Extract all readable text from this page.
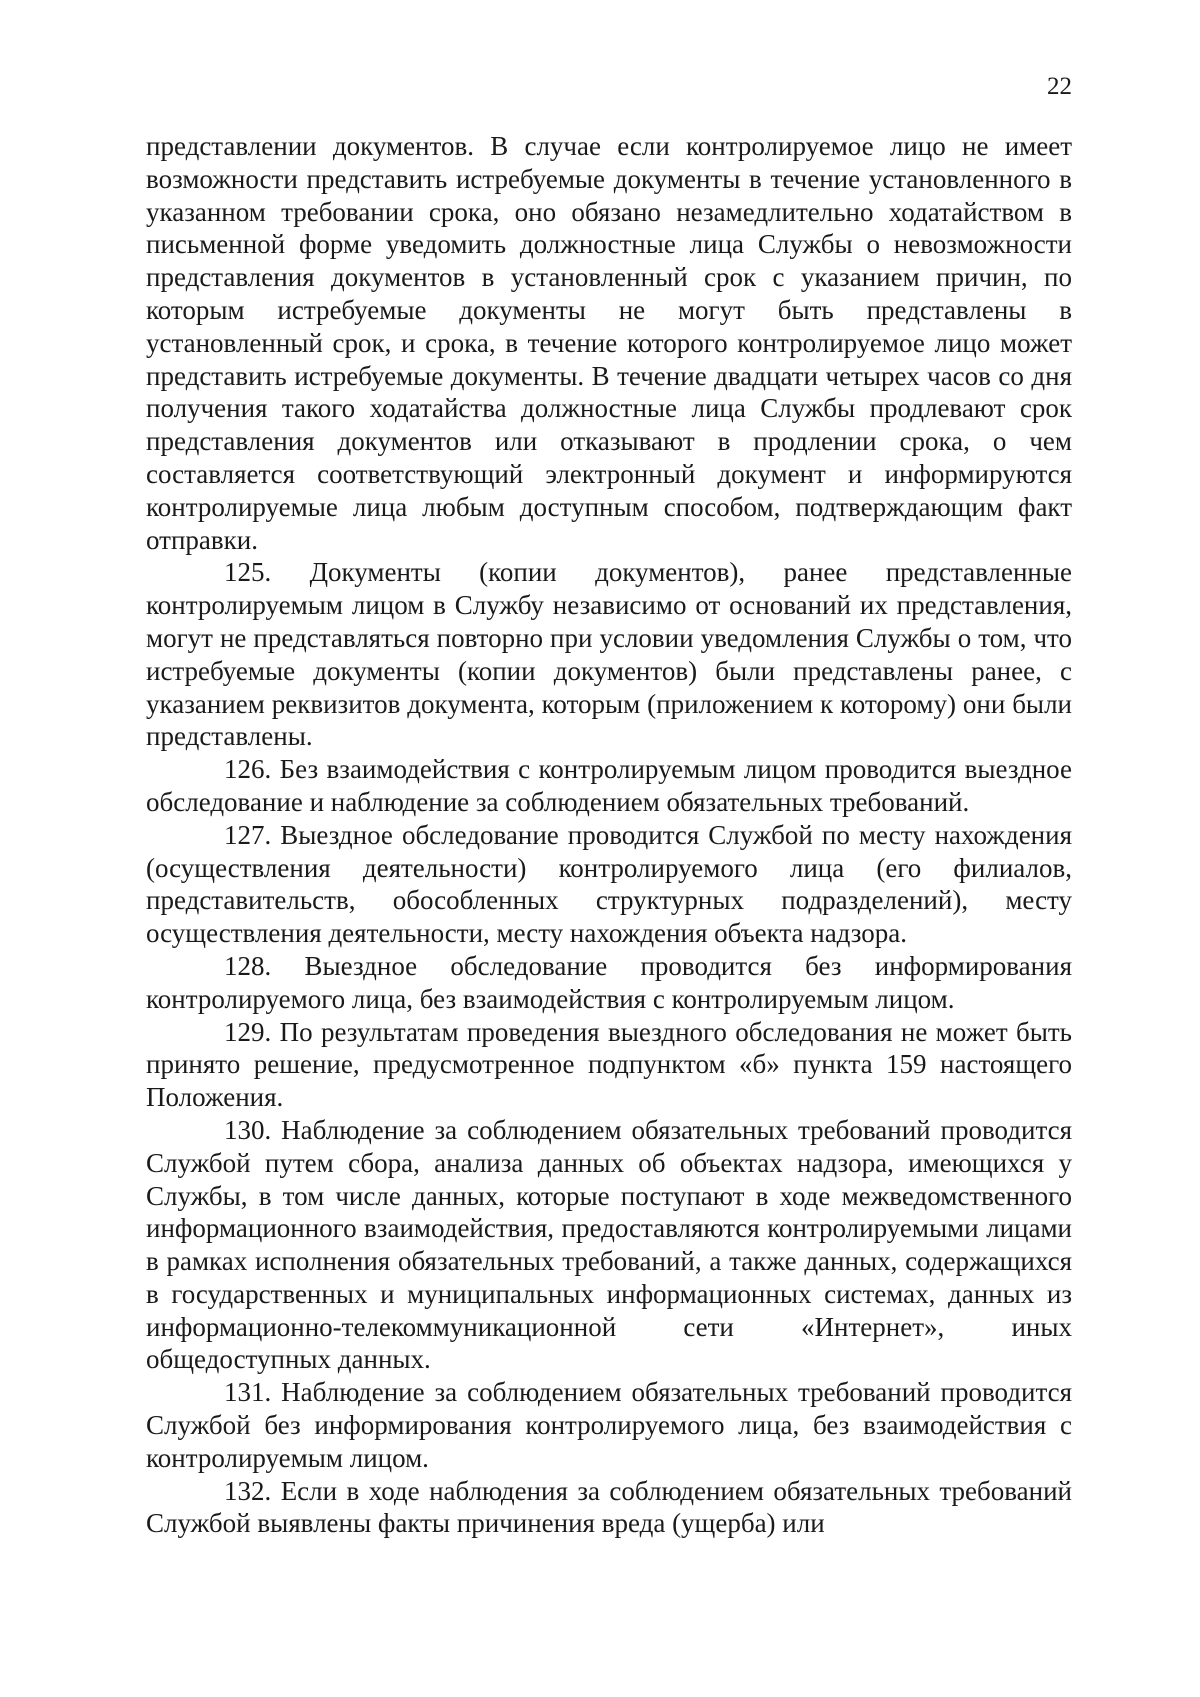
22

представлении документов. В случае если контролируемое лицо не имеет возможности представить истребуемые документы в течение установленного в указанном требовании срока, оно обязано незамедлительно ходатайством в письменной форме уведомить должностные лица Службы о невозможности представления документов в установленный срок с указанием причин, по которым истребуемые документы не могут быть представлены в установленный срок, и срока, в течение которого контролируемое лицо может представить истребуемые документы. В течение двадцати четырех часов со дня получения такого ходатайства должностные лица Службы продлевают срок представления документов или отказывают в продлении срока, о чем составляется соответствующий электронный документ и информируются контролируемые лица любым доступным способом, подтверждающим факт отправки.

125. Документы (копии документов), ранее представленные контролируемым лицом в Службу независимо от оснований их представления, могут не представляться повторно при условии уведомления Службы о том, что истребуемые документы (копии документов) были представлены ранее, с указанием реквизитов документа, которым (приложением к которому) они были представлены.

126. Без взаимодействия с контролируемым лицом проводится выездное обследование и наблюдение за соблюдением обязательных требований.

127. Выездное обследование проводится Службой по месту нахождения (осуществления деятельности) контролируемого лица (его филиалов, представительств, обособленных структурных подразделений), месту осуществления деятельности, месту нахождения объекта надзора.

128. Выездное обследование проводится без информирования контролируемого лица, без взаимодействия с контролируемым лицом.

129. По результатам проведения выездного обследования не может быть принято решение, предусмотренное подпунктом «б» пункта 159 настоящего Положения.

130. Наблюдение за соблюдением обязательных требований проводится Службой путем сбора, анализа данных об объектах надзора, имеющихся у Службы, в том числе данных, которые поступают в ходе межведомственного информационного взаимодействия, предоставляются контролируемыми лицами в рамках исполнения обязательных требований, а также данных, содержащихся в государственных и муниципальных информационных системах, данных из информационно-телекоммуникационной сети «Интернет», иных общедоступных данных.

131. Наблюдение за соблюдением обязательных требований проводится Службой без информирования контролируемого лица, без взаимодействия с контролируемым лицом.

132. Если в ходе наблюдения за соблюдением обязательных требований Службой выявлены факты причинения вреда (ущерба) или
